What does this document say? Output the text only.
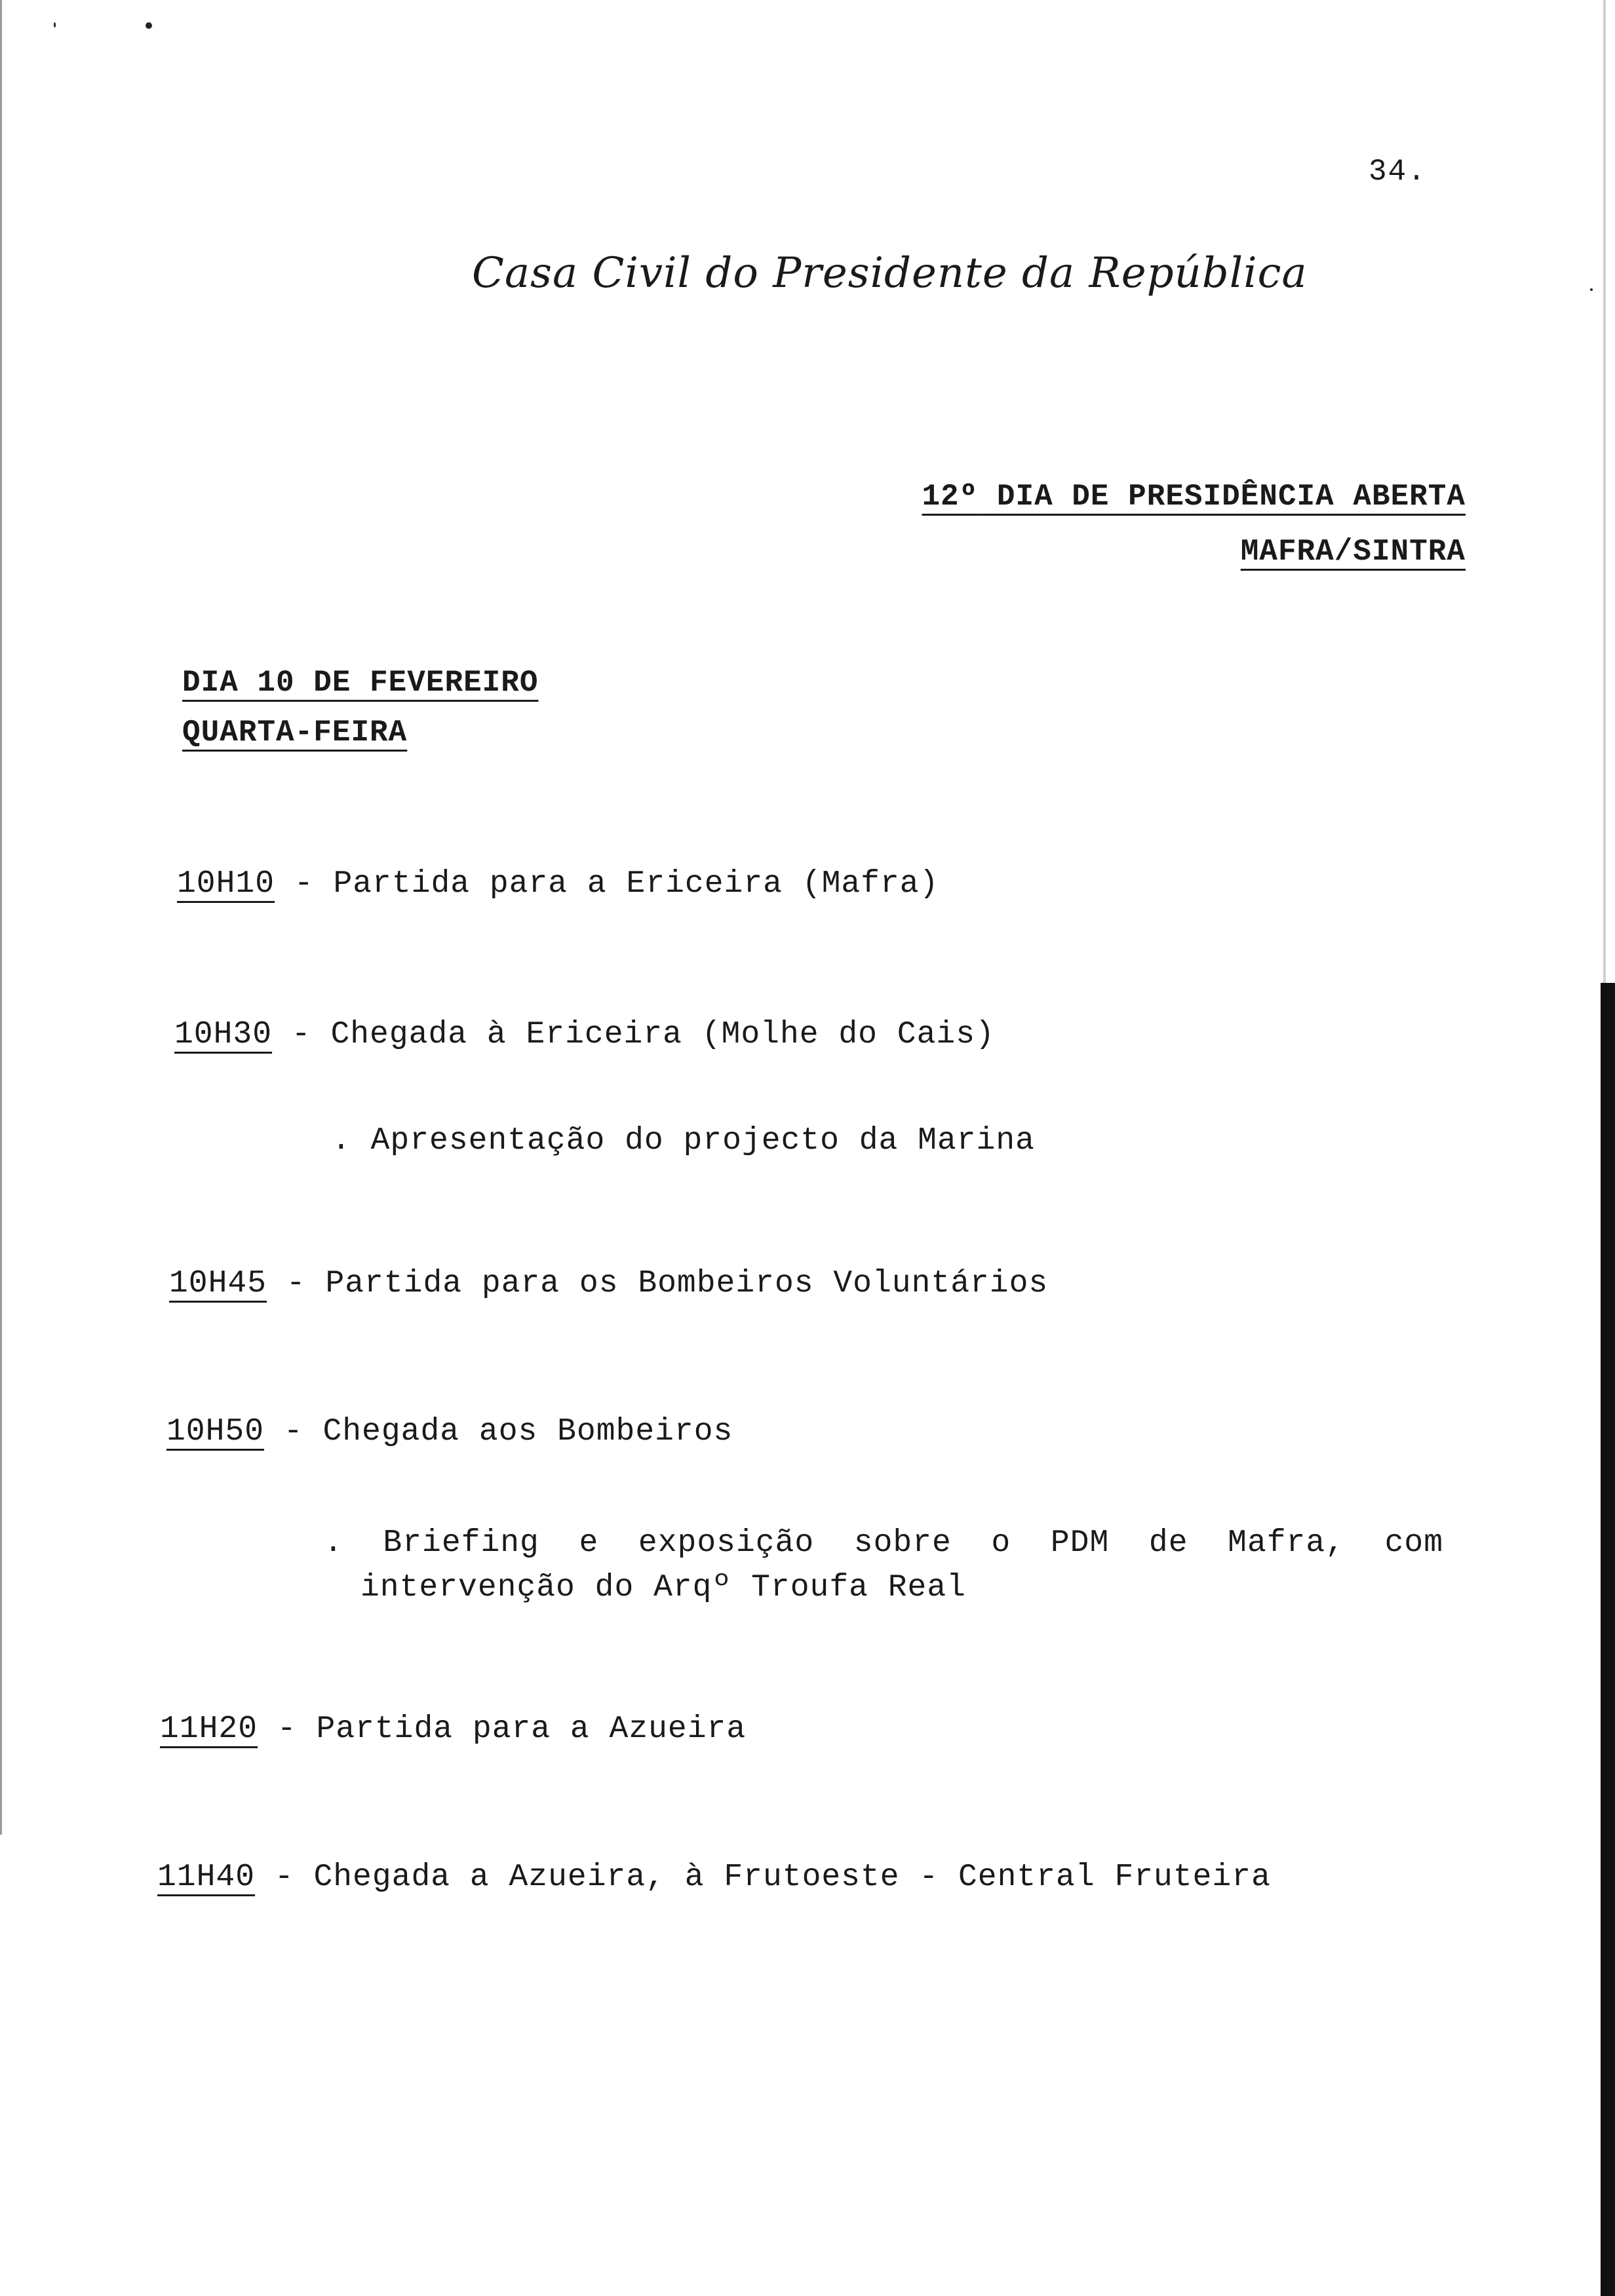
34.
Casa Civil do Presidente da República
12º DIA DE PRESIDÊNCIA ABERTA
MAFRA/SINTRA
DIA 10 DE FEVEREIRO
QUARTA-FEIRA
10H10 - Partida para a Ericeira (Mafra)
10H30 - Chegada à Ericeira (Molhe do Cais)
. Apresentação do projecto da Marina
10H45 - Partida para os Bombeiros Voluntários
10H50 - Chegada aos Bombeiros
. Briefing e exposição sobre o PDM de Mafra, com
intervenção do Arqº Troufa Real
11H20 - Partida para a Azueira
11H40 - Chegada a Azueira, à Frutoeste - Central Fruteira
